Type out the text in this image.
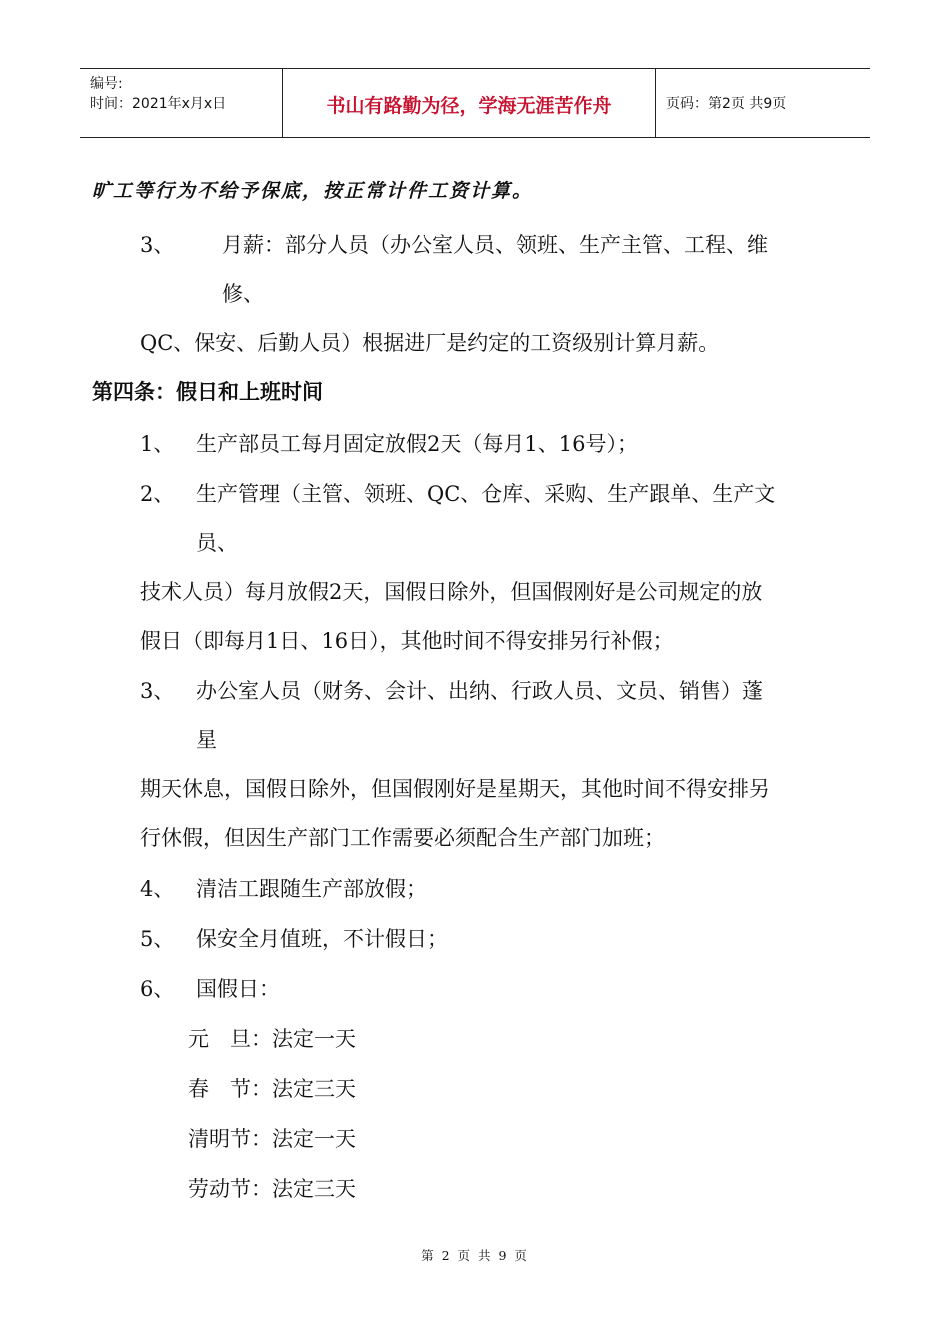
编号:
时间：2021年x月x日	书山有路勤为径，学海无涯苦作舟	页码：第2页 共9页
旷工等行为不给予保底，按正常计件工资计算。
3、 月薪：部分人员（办公室人员、领班、生产主管、工程、维
修、
QC、保安、后勤人员）根据进厂是约定的工资级别计算月薪。
第四条：假日和上班时间
1、 生产部员工每月固定放假2天（每月1、16号）；
2、 生产管理（主管、领班、QC、仓库、采购、生产跟单、生产文
员、
技术人员）每月放假2天，国假日除外，但国假刚好是公司规定的放
假日（即每月1日、16日），其他时间不得安排另行补假；
3、 办公室人员（财务、会计、出纳、行政人员、文员、销售）蓬
星
期天休息，国假日除外，但国假刚好是星期天，其他时间不得安排另
行休假，但因生产部门工作需要必须配合生产部门加班；
4、 清洁工跟随生产部放假；
5、 保安全月值班，不计假日；
6、 国假日：
元　旦：法定一天
春　节：法定三天
清明节：法定一天
劳动节：法定三天
第 2 页 共 9 页
